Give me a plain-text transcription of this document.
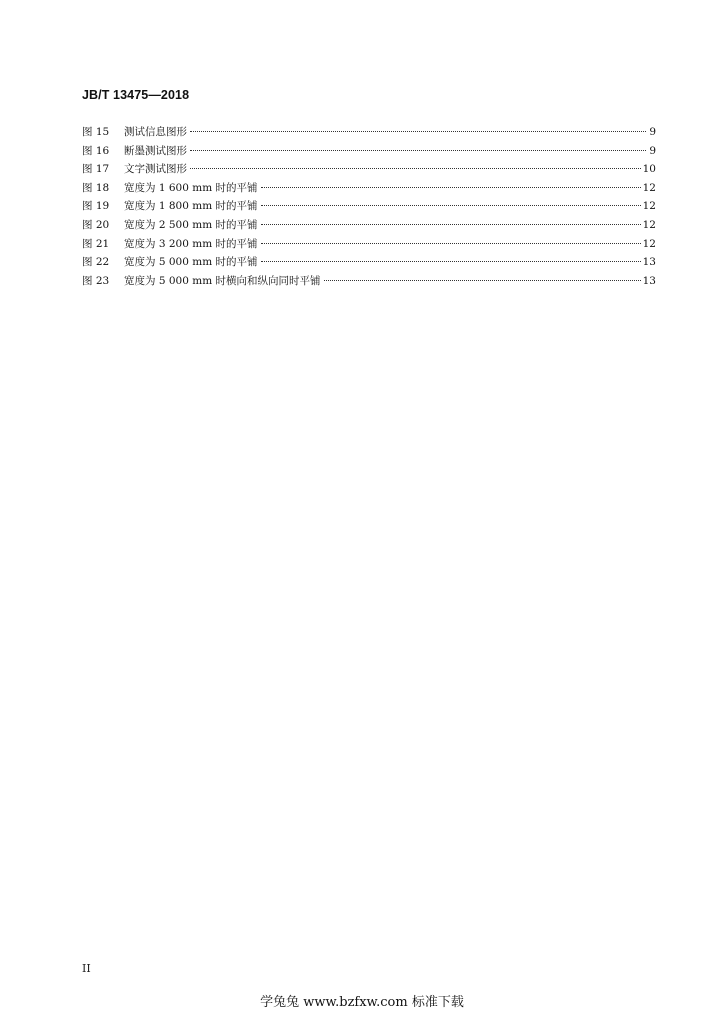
JB/T 13475—2018
图 15	测试信息图形	9
图 16	断墨测试图形	9
图 17	文字测试图形	10
图 18	宽度为 1 600 mm 时的平铺	12
图 19	宽度为 1 800 mm 时的平铺	12
图 20	宽度为 2 500 mm 时的平铺	12
图 21	宽度为 3 200 mm 时的平铺	12
图 22	宽度为 5 000 mm 时的平铺	13
图 23	宽度为 5 000 mm 时横向和纵向同时平铺	13
II
学兔兔 www.bzfxw.com 标准下载
